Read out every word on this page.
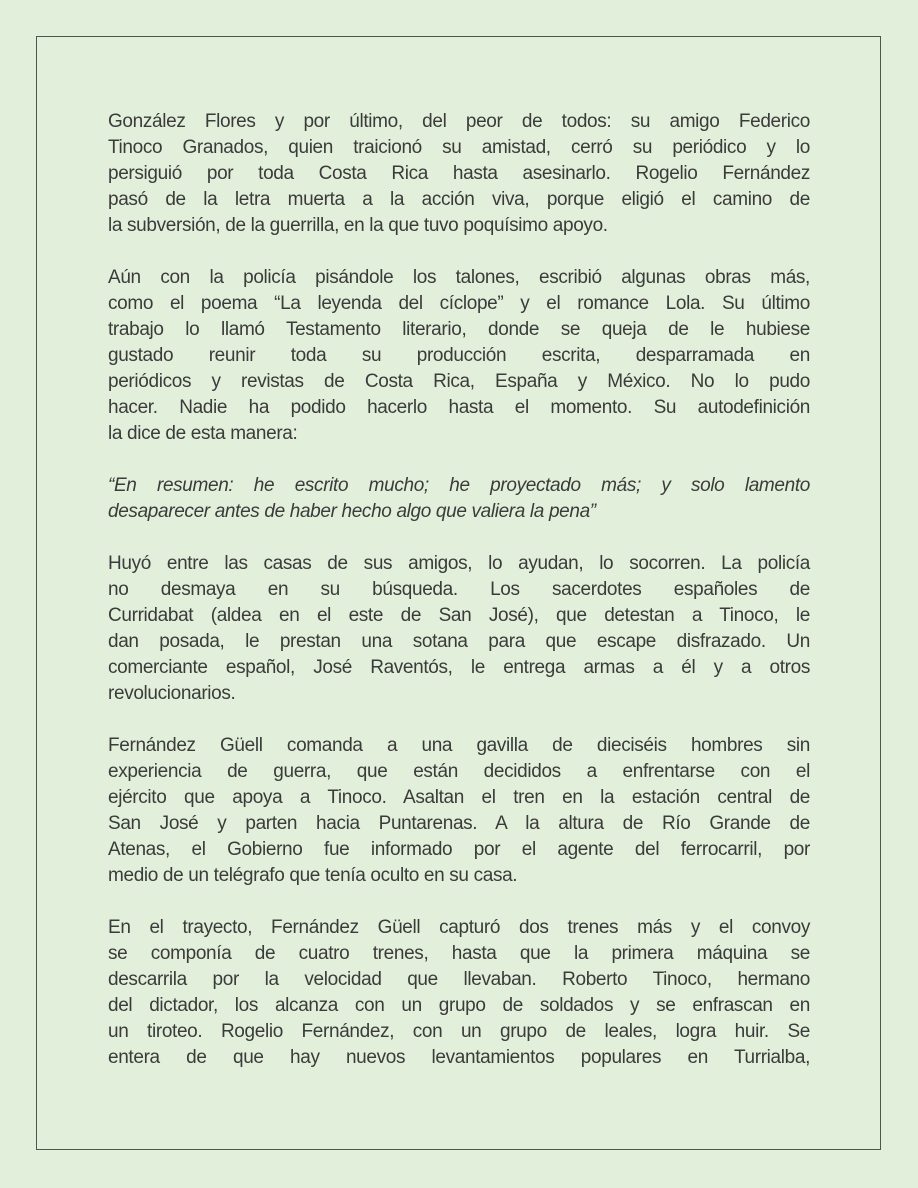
González Flores y por último, del peor de todos: su amigo Federico
Tinoco Granados, quien traicionó su amistad, cerró su periódico y lo
persiguió por toda Costa Rica hasta asesinarlo. Rogelio Fernández
pasó de la letra muerta a la acción viva, porque eligió el camino de
la subversión, de la guerrilla, en la que tuvo poquísimo apoyo.
Aún con la policía pisándole los talones, escribió algunas obras más,
como el poema “La leyenda del cíclope” y el romance Lola. Su último
trabajo lo llamó Testamento literario, donde se queja de le hubiese
gustado reunir toda su producción escrita, desparramada en
periódicos y revistas de Costa Rica, España y México. No lo pudo
hacer. Nadie ha podido hacerlo hasta el momento. Su autodefinición
la dice de esta manera:
“En resumen: he escrito mucho; he proyectado más; y solo lamento
desaparecer antes de haber hecho algo que valiera la pena”
Huyó entre las casas de sus amigos, lo ayudan, lo socorren. La policía
no desmaya en su búsqueda. Los sacerdotes españoles de
Curridabat (aldea en el este de San José), que detestan a Tinoco, le
dan posada, le prestan una sotana para que escape disfrazado. Un
comerciante español, José Raventós, le entrega armas a él y a otros
revolucionarios.
Fernández Güell comanda a una gavilla de dieciséis hombres sin
experiencia de guerra, que están decididos a enfrentarse con el
ejército que apoya a Tinoco. Asaltan el tren en la estación central de
San José y parten hacia Puntarenas. A la altura de Río Grande de
Atenas, el Gobierno fue informado por el agente del ferrocarril, por
medio de un telégrafo que tenía oculto en su casa.
En el trayecto, Fernández Güell capturó dos trenes más y el convoy
se componía de cuatro trenes, hasta que la primera máquina se
descarrila por la velocidad que llevaban. Roberto Tinoco, hermano
del dictador, los alcanza con un grupo de soldados y se enfrascan en
un tiroteo. Rogelio Fernández, con un grupo de leales, logra huir. Se
entera de que hay nuevos levantamientos populares en Turrialba,
